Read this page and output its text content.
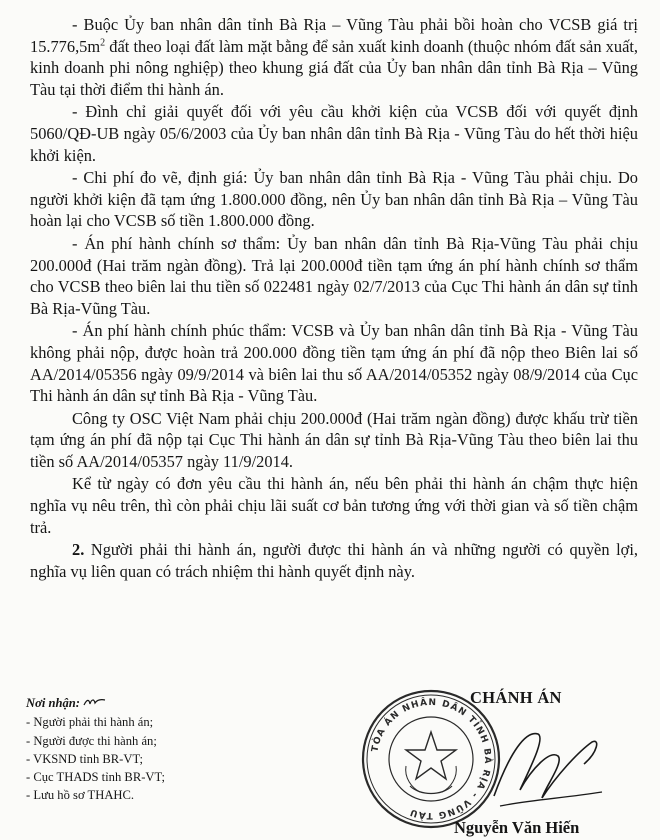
- Buộc Ủy ban nhân dân tỉnh Bà Rịa – Vũng Tàu phải bồi hoàn cho VCSB giá trị $15.776,5m^2$ đất theo loại đất làm mặt bằng để sản xuất kinh doanh (thuộc nhóm đất sản xuất, kinh doanh phi nông nghiệp) theo khung giá đất của Ủy ban nhân dân tỉnh Bà Rịa – Vũng Tàu tại thời điểm thi hành án.

- Đình chỉ giải quyết đối với yêu cầu khởi kiện của VCSB đối với quyết định 5060/QĐ-UB ngày 05/6/2003 của Ủy ban nhân dân tỉnh Bà Rịa - Vũng Tàu do hết thời hiệu khởi kiện.

- Chi phí đo vẽ, định giá: Ủy ban nhân dân tỉnh Bà Rịa - Vũng Tàu phải chịu. Do người khởi kiện đã tạm ứng 1.800.000 đồng, nên Ủy ban nhân dân tỉnh Bà Rịa – Vũng Tàu hoàn lại cho VCSB số tiền 1.800.000 đồng.

- Án phí hành chính sơ thẩm: Ủy ban nhân dân tỉnh Bà Rịa-Vũng Tàu phải chịu 200.000đ (Hai trăm ngàn đồng). Trả lại 200.000đ tiền tạm ứng án phí hành chính sơ thẩm cho VCSB theo biên lai thu tiền số 022481 ngày 02/7/2013 của Cục Thi hành án dân sự tỉnh Bà Rịa-Vũng Tàu.

- Án phí hành chính phúc thẩm: VCSB và Ủy ban nhân dân tỉnh Bà Rịa - Vũng Tàu không phải nộp, được hoàn trả 200.000 đồng tiền tạm ứng án phí đã nộp theo Biên lai số AA/2014/05356 ngày 09/9/2014 và biên lai thu số AA/2014/05352 ngày 08/9/2014 của Cục Thi hành án dân sự tỉnh Bà Rịa - Vũng Tàu.

Công ty OSC Việt Nam phải chịu 200.000đ (Hai trăm ngàn đồng) được khấu trừ tiền tạm ứng án phí đã nộp tại Cục Thi hành án dân sự tỉnh Bà Rịa-Vũng Tàu theo biên lai thu tiền số AA/2014/05357 ngày 11/9/2014.

Kể từ ngày có đơn yêu cầu thi hành án, nếu bên phải thi hành án chậm thực hiện nghĩa vụ nêu trên, thì còn phải chịu lãi suất cơ bản tương ứng với thời gian và số tiền chậm trả.

2. Người phải thi hành án, người được thi hành án và những người có quyền lợi, nghĩa vụ liên quan có trách nhiệm thi hành quyết định này.

Nơi nhận:
- Người phải thi hành án;
- Người được thi hành án;
- VKSND tỉnh BR-VT;
- Cục THADS tỉnh BR-VT;
- Lưu hồ sơ THAHC.
TÒA ÁN NHÂN DÂN TỈNH BÀ RỊA - VŨNG TÀU
CHÁNH ÁN
Nguyễn Văn Hiến
